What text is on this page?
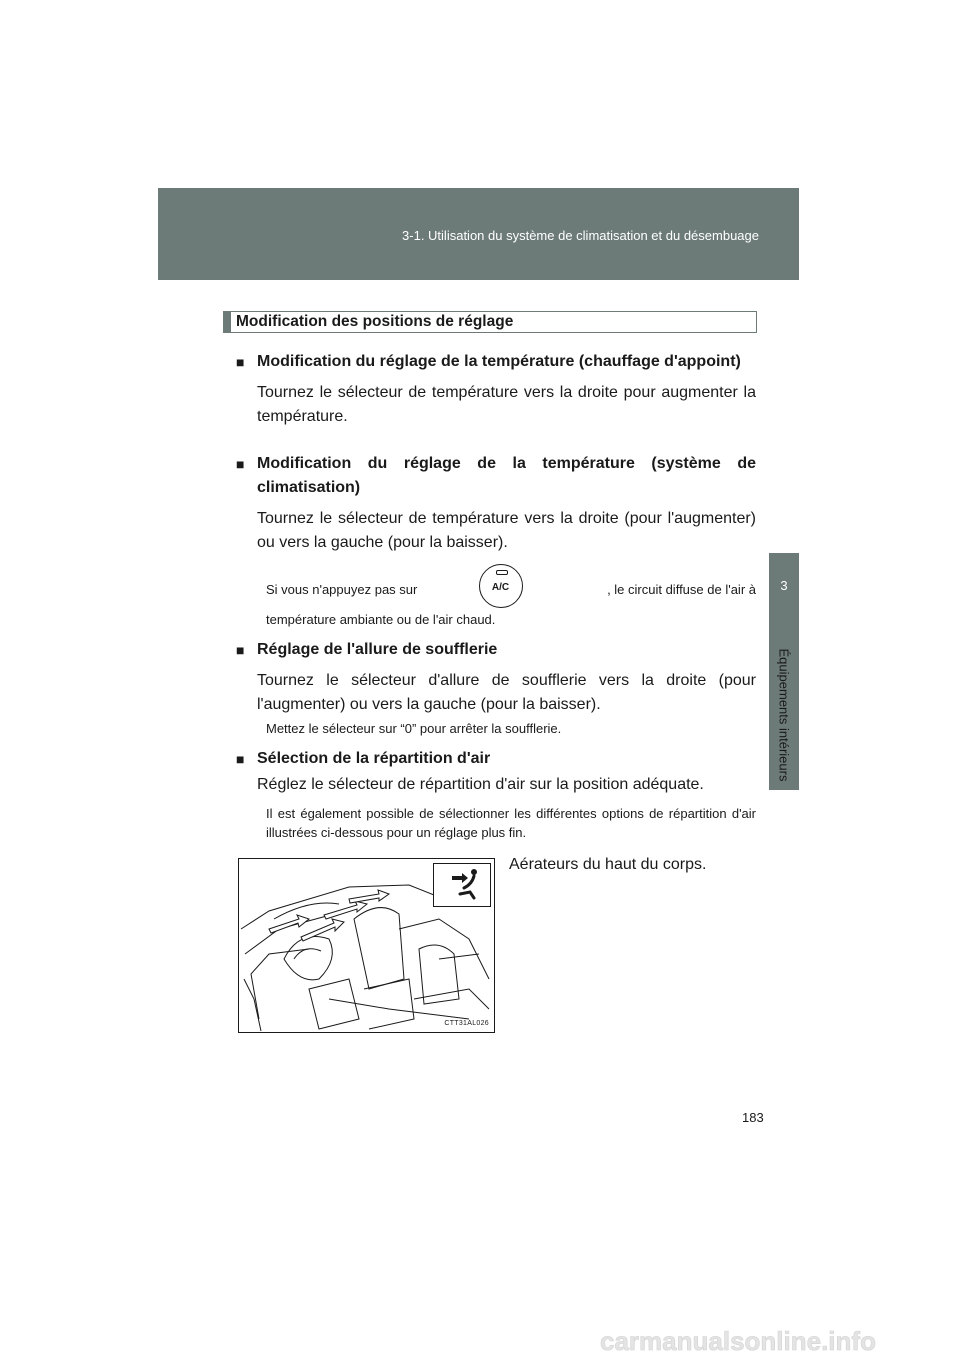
3-1. Utilisation du système de climatisation et du désembuage
3
Équipements intérieurs
Modification des positions de réglage
■ Modification du réglage de la température (chauffage d'appoint)
Tournez le sélecteur de température vers la droite pour augmenter la température.
■ Modification du réglage de la température (système de climatisation)
Tournez le sélecteur de température vers la droite (pour l'augmenter) ou vers la gauche (pour la baisser).
Si vous n'appuyez pas sur	A/C	, le circuit diffuse de l'air à
température ambiante ou de l'air chaud.
■ Réglage de l'allure de soufflerie
Tournez le sélecteur d'allure de soufflerie vers la droite (pour l'augmenter) ou vers la gauche (pour la baisser).
Mettez le sélecteur sur “0” pour arrêter la soufflerie.
■ Sélection de la répartition d'air
Réglez le sélecteur de répartition d'air sur la position adéquate.
Il est également possible de sélectionner les différentes options de répartition d'air illustrées ci-dessous pour un réglage plus fin.
CTT31AL026
Aérateurs du haut du corps.
183
carmanualsonline.info
